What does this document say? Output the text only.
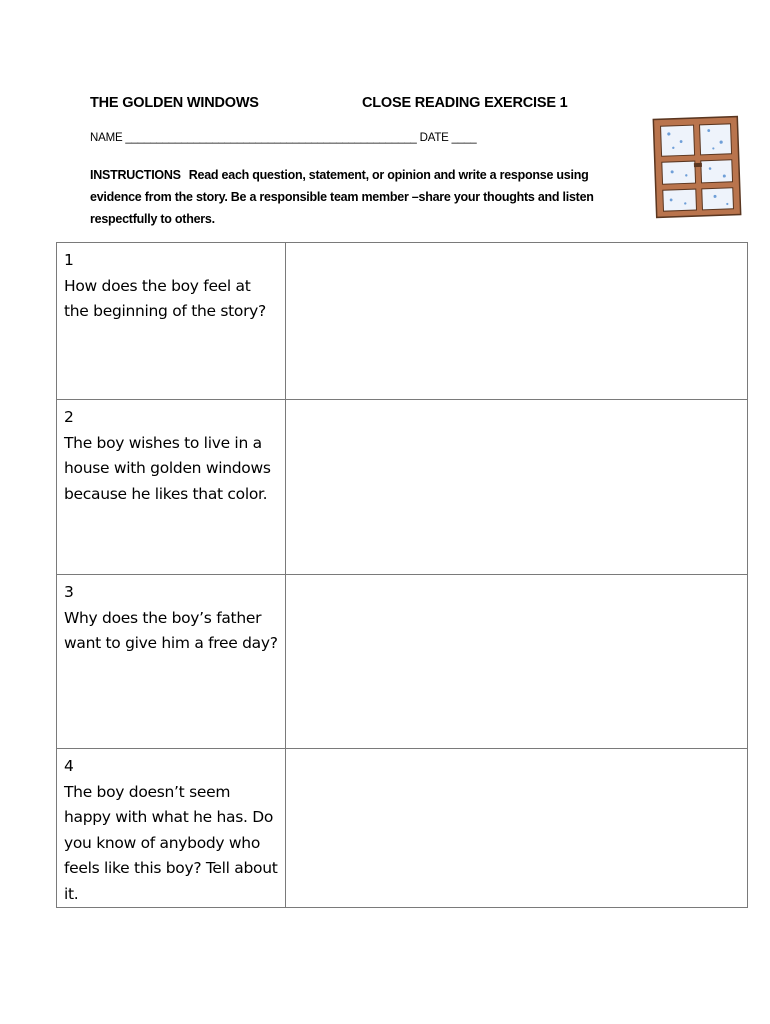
THE GOLDEN WINDOWS	CLOSE READING EXERCISE 1
NAME _______________________________________________ DATE ____
INSTRUCTIONS Read each question, statement, or opinion and write a response using evidence from the story. Be a responsible team member –share your thoughts and listen respectfully to others.
1
How does the boy feel at the beginning of the story?	

2
The boy wishes to live in a house with golden windows because he likes that color.	

3
Why does the boy’s father want to give him a free day?	

4
The boy doesn’t seem happy with what he has. Do you know of anybody who feels like this boy? Tell about it.	
